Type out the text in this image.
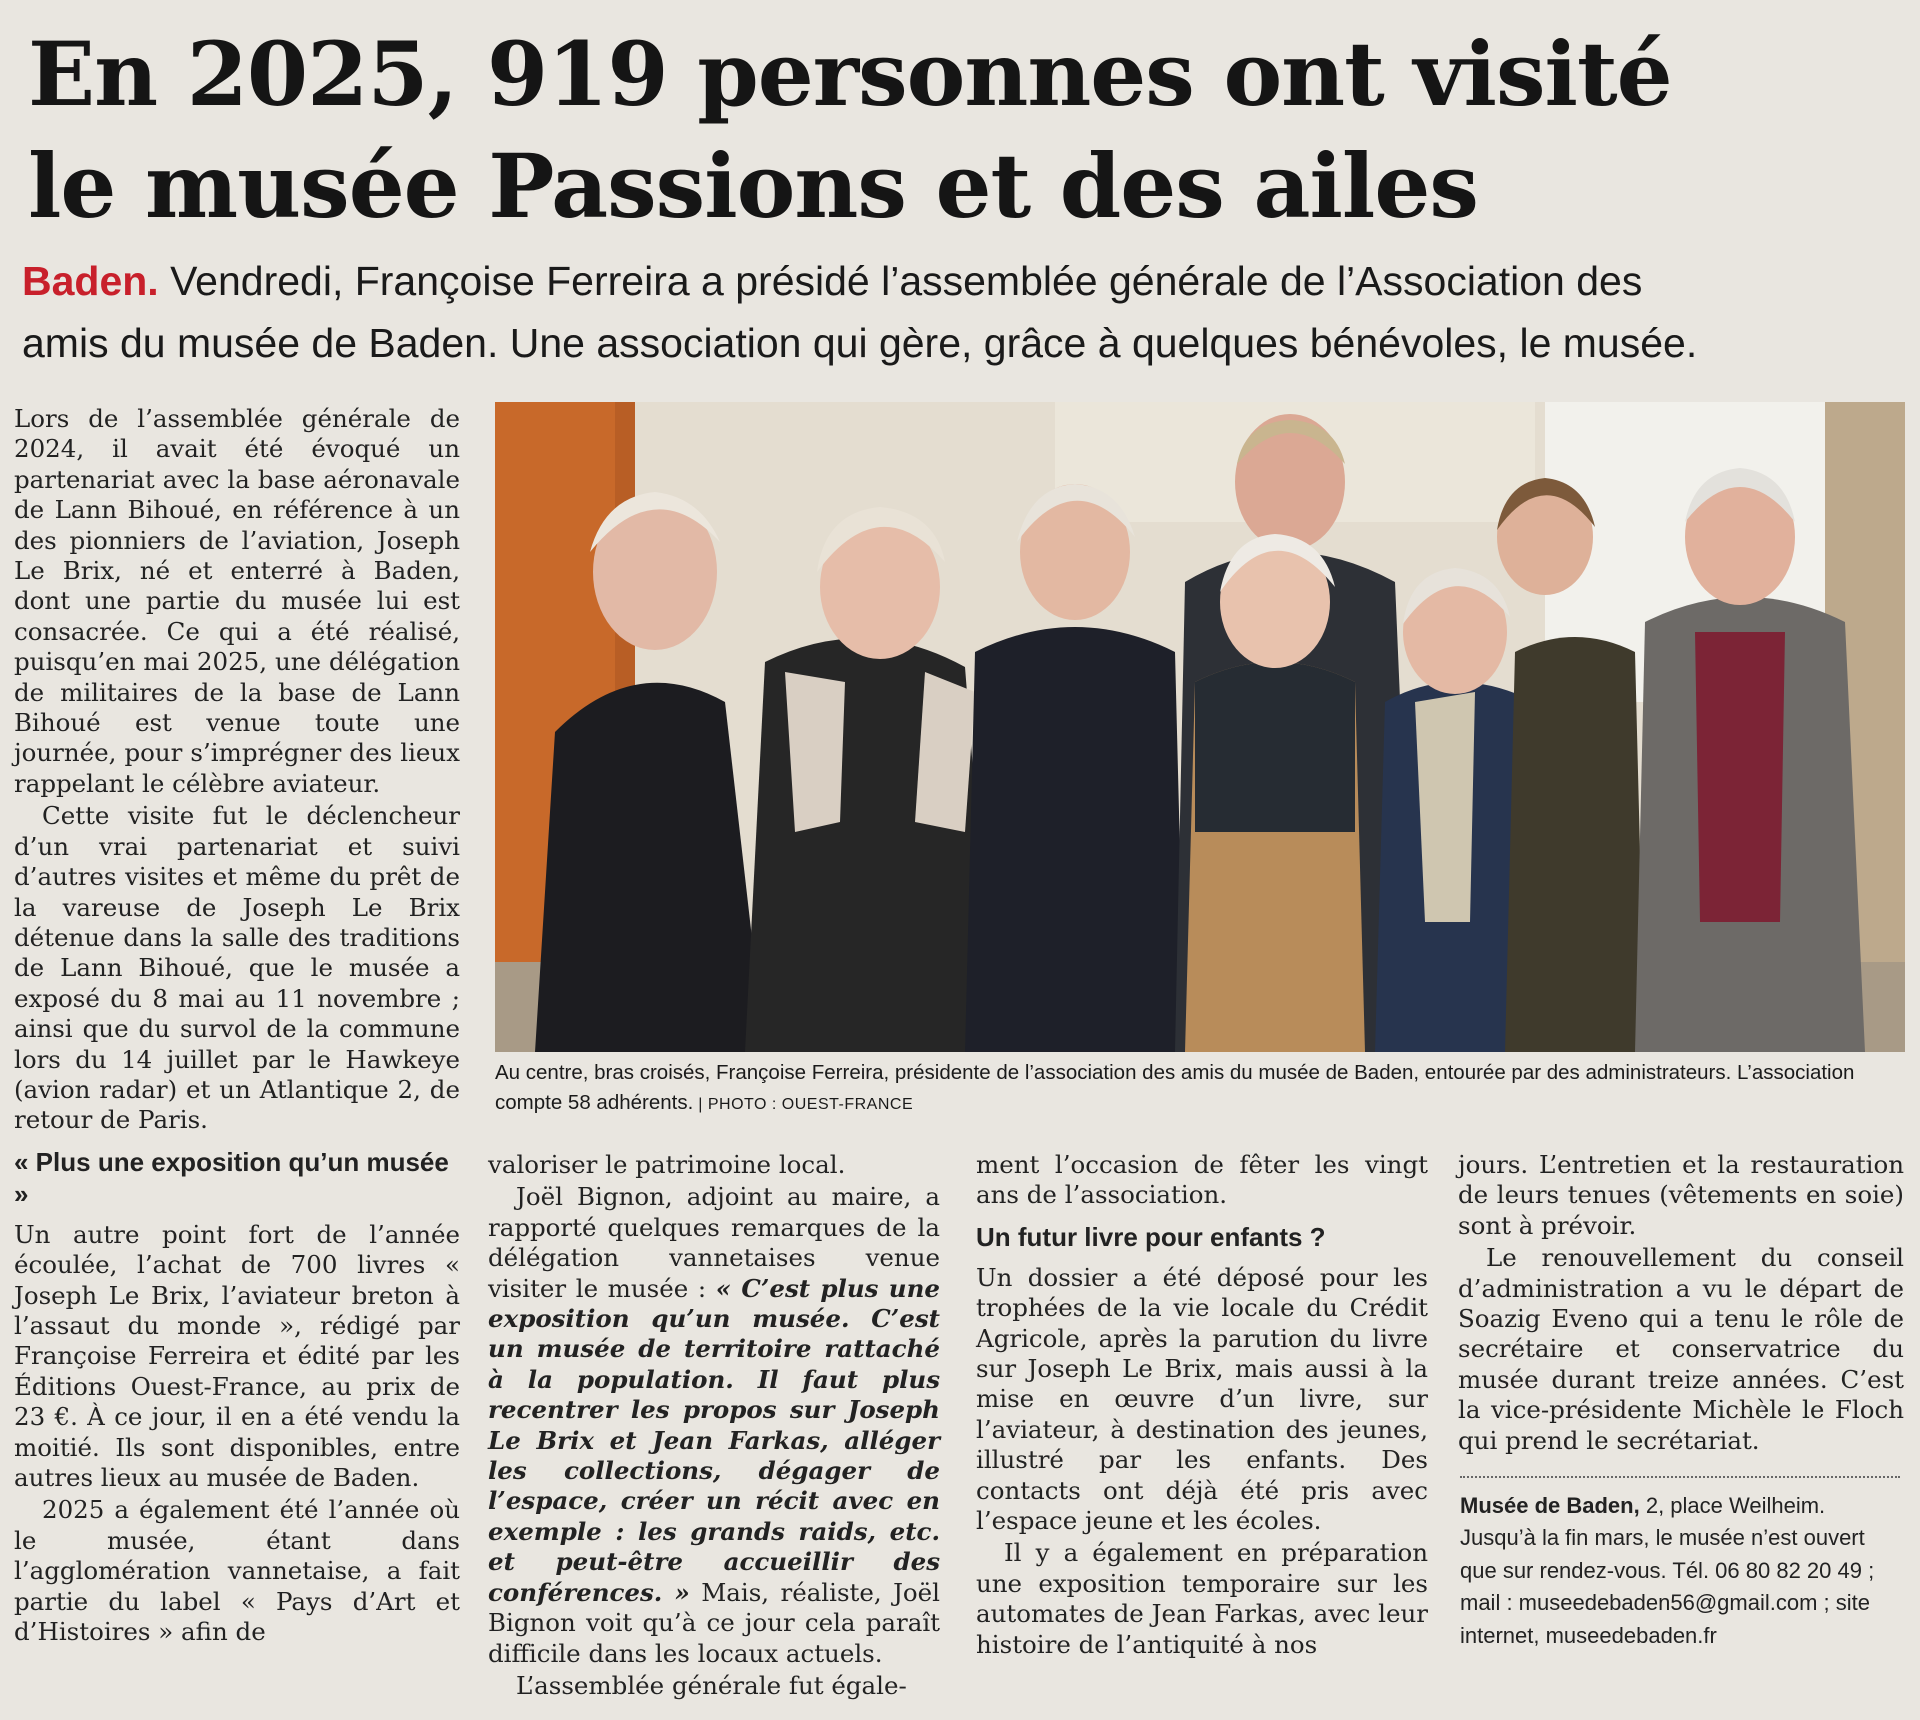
En 2025, 919 personnes ont visité
le musée Passions et des ailes
Baden. Vendredi, Françoise Ferreira a présidé l’assemblée générale de l’Association des
amis du musée de Baden. Une association qui gère, grâce à quelques bénévoles, le musée.

Lors de l’assemblée générale de 2024, il avait été évoqué un partenariat avec la base aéronavale de Lann Bihoué, en référence à un des pionniers de l’aviation, Joseph Le Brix, né et enterré à Baden, dont une partie du musée lui est consacrée. Ce qui a été réalisé, puisqu’en mai 2025, une délégation de militaires de la base de Lann Bihoué est venue toute une journée, pour s’imprégner des lieux rappelant le célèbre aviateur.

Cette visite fut le déclencheur d’un vrai partenariat et suivi d’autres visites et même du prêt de la vareuse de Joseph Le Brix détenue dans la salle des traditions de Lann Bihoué, que le musée a exposé du 8 mai au 11 novembre ; ainsi que du survol de la commune lors du 14 juillet par le Hawkeye (avion radar) et un Atlantique 2, de retour de Paris.

« Plus une exposition qu’un musée »

Un autre point fort de l’année écoulée, l’achat de 700 livres « Joseph Le Brix, l’aviateur breton à l’assaut du monde », rédigé par Françoise Ferreira et édité par les Éditions Ouest-France, au prix de 23 €. À ce jour, il en a été vendu la moitié. Ils sont disponibles, entre autres lieux au musée de Baden.

2025 a également été l’année où le musée, étant dans l’agglomération vannetaise, a fait partie du label « Pays d’Art et d’Histoires » afin de

Au centre, bras croisés, Françoise Ferreira, présidente de l’association des amis du musée de Baden, entourée par des administrateurs. L’association compte 58 adhérents. | PHOTO : OUEST-FRANCE

valoriser le patrimoine local.

Joël Bignon, adjoint au maire, a rapporté quelques remarques de la délégation vannetaises venue visiter le musée : « C’est plus une exposition qu’un musée. C’est un musée de territoire rattaché à la population. Il faut plus recentrer les propos sur Joseph Le Brix et Jean Farkas, alléger les collections, dégager de l’espace, créer un récit avec en exemple : les grands raids, etc. et peut-être accueillir des conférences. » Mais, réaliste, Joël Bignon voit qu’à ce jour cela paraît difficile dans les locaux actuels.

L’assemblée générale fut égale-

ment l’occasion de fêter les vingt ans de l’association.

Un futur livre pour enfants ?

Un dossier a été déposé pour les trophées de la vie locale du Crédit Agricole, après la parution du livre sur Joseph Le Brix, mais aussi à la mise en œuvre d’un livre, sur l’aviateur, à destination des jeunes, illustré par les enfants. Des contacts ont déjà été pris avec l’espace jeune et les écoles.

Il y a également en préparation une exposition temporaire sur les automates de Jean Farkas, avec leur histoire de l’antiquité à nos

jours. L’entretien et la restauration de leurs tenues (vêtements en soie) sont à prévoir.

Le renouvellement du conseil d’administration a vu le départ de Soazig Eveno qui a tenu le rôle de secrétaire et conservatrice du musée durant treize années. C’est la vice-présidente Michèle le Floch qui prend le secrétariat.

Musée de Baden, 2, place Weilheim. Jusqu’à la fin mars, le musée n’est ouvert que sur rendez-vous. Tél. 06 80 82 20 49 ; mail : museedebaden56@gmail.com ; site internet, museedebaden.fr
